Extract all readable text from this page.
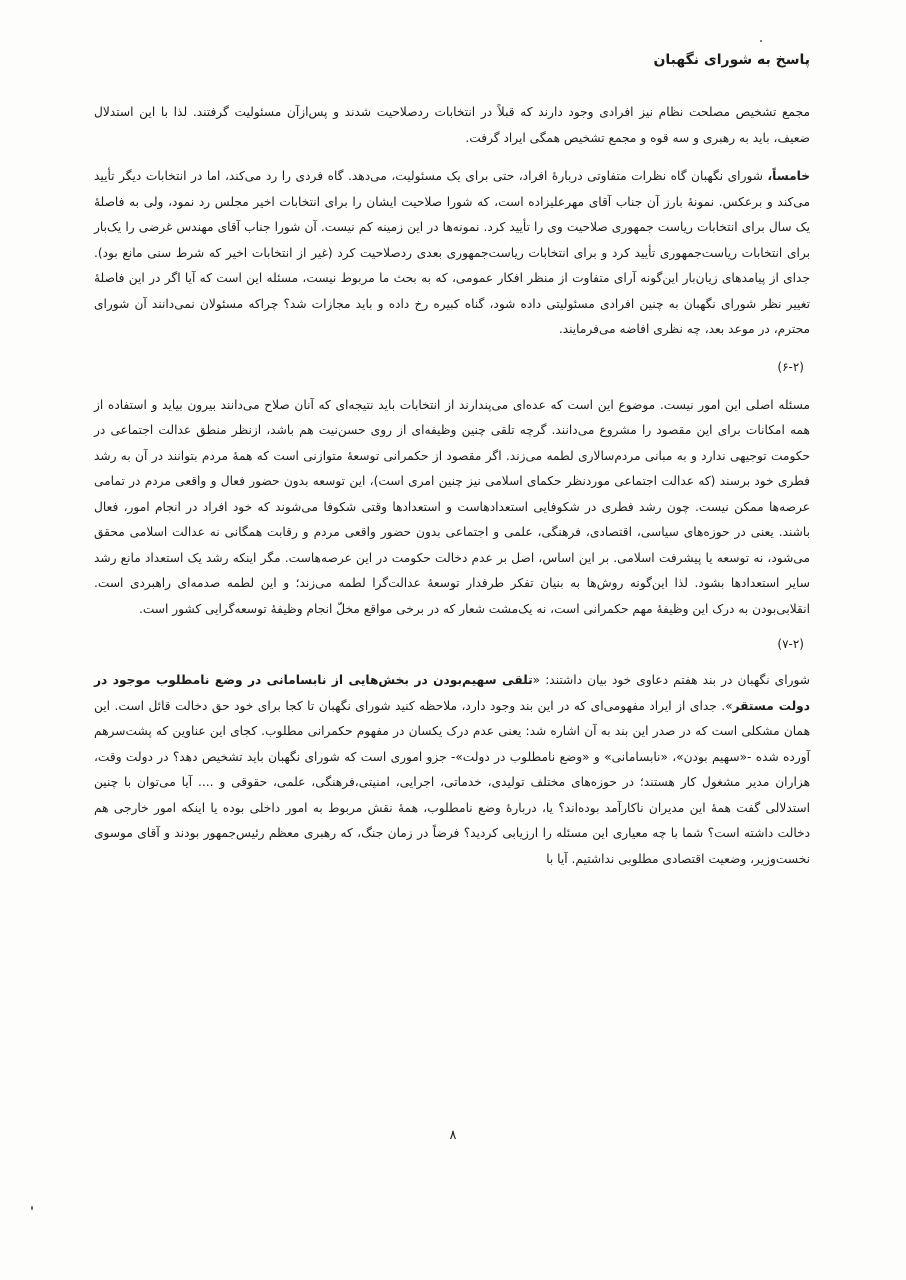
پاسخ به شورای نگهبان

مجمع تشخیص مصلحت نظام نیز افرادی وجود دارند که قبلاً در انتخابات ردصلاحیت شدند و پس‌ازآن مسئولیت گرفتند. لذا با این استدلال ضعیف، باید به رهبری و سه قوه و مجمع تشخیص همگی ایراد گرفت.

خامساً، شورای نگهبان گاه نظرات متفاوتی دربارهٔ افراد، حتی برای یک مسئولیت، می‌دهد. گاه فردی را رد می‌کند، اما در انتخابات دیگر تأیید می‌کند و برعکس. نمونهٔ بارز آن جناب آقای مهرعلیزاده است، که شورا صلاحیت ایشان را برای انتخابات اخیر مجلس رد نمود، ولی به فاصلهٔ یک سال برای انتخابات ریاست جمهوری صلاحیت وی را تأیید کرد. نمونه‌ها در این زمینه کم نیست. آن شورا جناب آقای مهندس غرضی را یک‌بار برای انتخابات ریاست‌جمهوری تأیید کرد و برای انتخابات ریاست‌جمهوری بعدی ردصلاحیت کرد (غیر از انتخابات اخیر که شرط سنی مانع بود). جدای از پیامدهای زیان‌بار این‌گونه آرای متفاوت از منظر افکار عمومی، که به بحث ما مربوط نیست، مسئله این است که آیا اگر در این فاصلهٔ تغییر نظر شورای نگهبان به چنین افرادی مسئولیتی داده شود، گناه کبیره رخ داده و باید مجازات شد؟ چراکه مسئولان نمی‌دانند آن شورای محترم، در موعد بعد، چه نظری افاضه می‌فرمایند.

(۶-۲)

مسئله اصلی این امور نیست. موضوع این است که عده‌ای می‌پندارند از انتخابات باید نتیجه‌ای که آنان صلاح می‌دانند بیرون بیاید و استفاده از همه امکانات برای این مقصود را مشروع می‌دانند. گرچه تلقی چنین وظیفه‌ای از روی حسن‌نیت هم باشد، ازنظر منطق عدالت اجتماعی در حکومت توجیهی ندارد و به مبانی مردم‌سالاری لطمه می‌زند. اگر مقصود از حکمرانی توسعهٔ متوازنی است که همهٔ مردم بتوانند در آن به رشد فطری خود برسند (که عدالت اجتماعی موردنظر حکمای اسلامی نیز چنین امری است)، این توسعه بدون حضور فعال و واقعی مردم در تمامی عرصه‌ها ممکن نیست. چون رشد فطری در شکوفایی استعدادهاست و استعدادها وقتی شکوفا می‌شوند که خود افراد در انجام امور، فعال باشند. یعنی در حوزه‌های سیاسی، اقتصادی، فرهنگی، علمی و اجتماعی بدون حضور واقعی مردم و رقابت همگانی نه عدالت اسلامی محقق می‌شود، نه توسعه یا پیشرفت اسلامی. بر این اساس، اصل بر عدم دخالت حکومت در این عرصه‌هاست. مگر اینکه رشد یک استعداد مانع رشد سایر استعدادها بشود. لذا این‌گونه روش‌ها به بنیان تفکر طرفدار توسعهٔ عدالت‌گرا لطمه می‌زند؛ و این لطمه صدمه‌ای راهبردی است. انقلابی‌بودن به درک این وظیفهٔ مهم حکمرانی است، نه یک‌مشت شعار که در برخی مواقع مخلّ انجام وظیفهٔ توسعه‌گرایی کشور است.

(۷-۲)

شورای نگهبان در بند هفتم دعاوی خود بیان داشتند: «تلقی سهیم‌بودن در بخش‌هایی از نابسامانی در وضع نامطلوب موجود در دولت مستقر». جدای از ایراد مفهومی‌ای که در این بند وجود دارد، ملاحظه کنید شورای نگهبان تا کجا برای خود حق دخالت قائل است. این همان مشکلی است که در صدر این بند به آن اشاره شد: یعنی عدم درک یکسان در مفهوم حکمرانی مطلوب. کجای این عناوین که پشت‌سرهم آورده شده -«سهیم بودن»، «نابسامانی» و «وضع نامطلوب در دولت»- جزو اموری است که شورای نگهبان باید تشخیص دهد؟ در دولت وقت، هزاران مدیر مشغول کار هستند؛ در حوزه‌های مختلف تولیدی، خدماتی، اجرایی، امنیتی،فرهنگی، علمی، حقوقی و .... آیا می‌توان با چنین استدلالی گفت همهٔ این مدیران ناکارآمد بوده‌اند؟ یا، دربارهٔ وضع نامطلوب، همهٔ نقش مربوط به امور داخلی بوده یا اینکه امور خارجی هم دخالت داشته است؟ شما با چه معیاری این مسئله را ارزیابی کردید؟ فرضاً در زمان جنگ، که رهبری معظم رئیس‌جمهور بودند و آقای موسوی نخست‌وزیر، وضعیت اقتصادی مطلوبی نداشتیم. آیا با

۸
